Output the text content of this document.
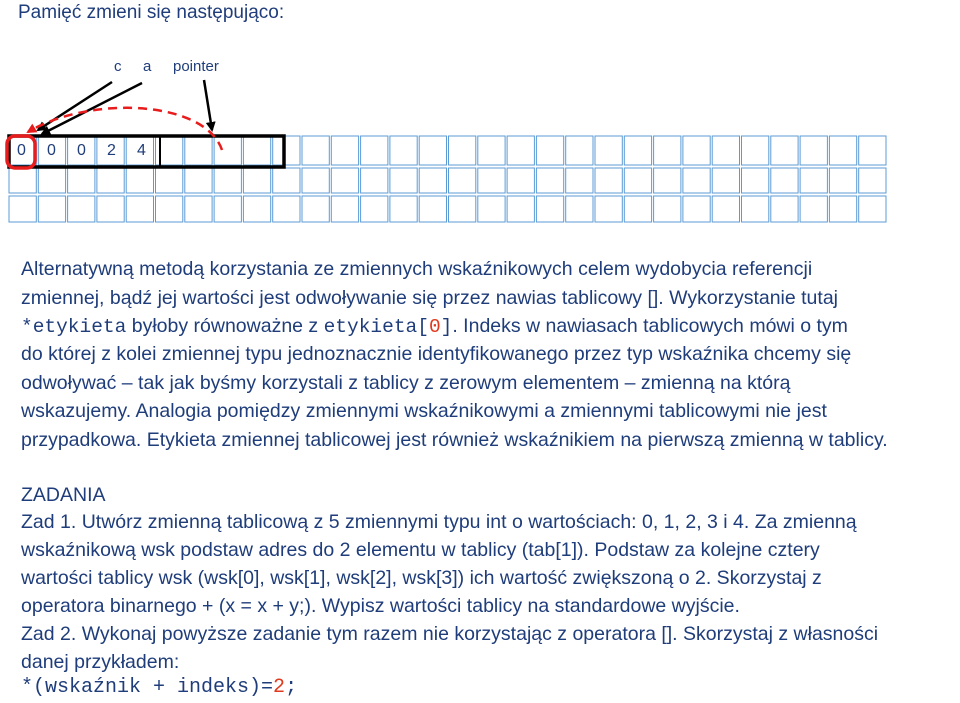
Pamięć zmieni się następująco:
c a pointer
0 0 0 2 4
Alternatywną metodą korzystania ze zmiennych wskaźnikowych celem wydobycia referencji
zmiennej, bądź jej wartości jest odwoływanie się przez nawias tablicowy []. Wykorzystanie tutaj
*etykieta byłoby równoważne z etykieta[0]. Indeks w nawiasach tablicowych mówi o tym
do której z kolei zmiennej typu jednoznacznie identyfikowanego przez typ wskaźnika chcemy się
odwoływać – tak jak byśmy korzystali z tablicy z zerowym elementem – zmienną na którą
wskazujemy. Analogia pomiędzy zmiennymi wskaźnikowymi a zmiennymi tablicowymi nie jest
przypadkowa. Etykieta zmiennej tablicowej jest również wskaźnikiem na pierwszą zmienną w tablicy.
ZADANIA
Zad 1. Utwórz zmienną tablicową z 5 zmiennymi typu int o wartościach: 0, 1, 2, 3 i 4. Za zmienną
wskaźnikową wsk podstaw adres do 2 elementu w tablicy (tab[1]). Podstaw za kolejne cztery
wartości tablicy wsk (wsk[0], wsk[1], wsk[2], wsk[3]) ich wartość zwiększoną o 2. Skorzystaj z
operatora binarnego + (x = x + y;). Wypisz wartości tablicy na standardowe wyjście.
Zad 2. Wykonaj powyższe zadanie tym razem nie korzystając z operatora []. Skorzystaj z własności
danej przykładem:
*(wskaźnik + indeks)=2;
